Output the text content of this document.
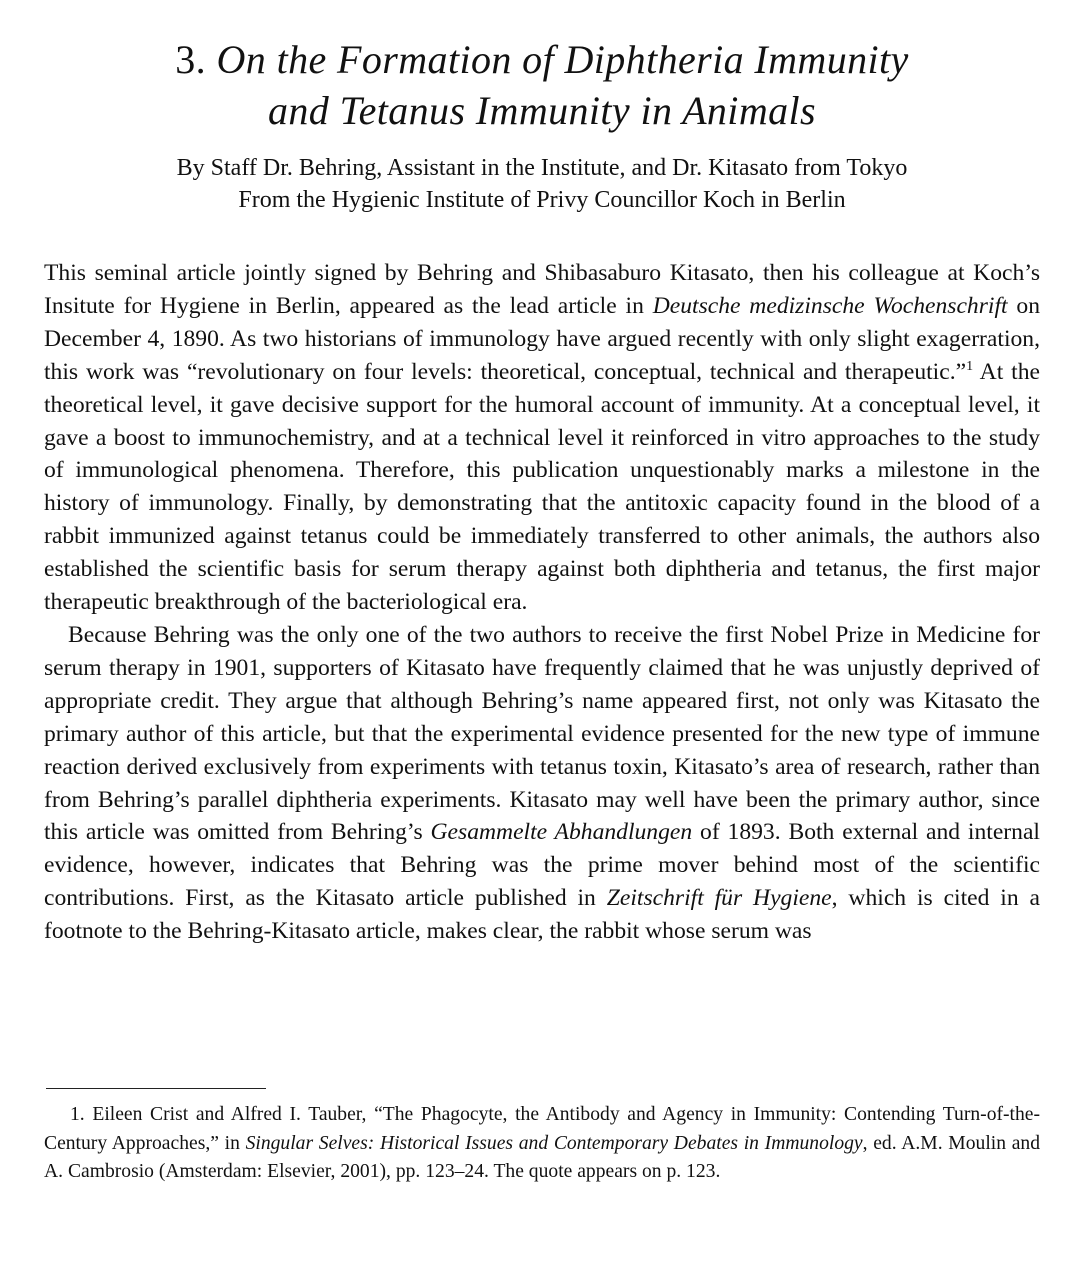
3. On the Formation of Diphtheria Immunity
and Tetanus Immunity in Animals
By Staff Dr. Behring, Assistant in the Institute, and Dr. Kitasato from Tokyo
From the Hygienic Institute of Privy Councillor Koch in Berlin

This seminal article jointly signed by Behring and Shibasaburo Kitasato, then his colleague at Koch’s Insitute for Hygiene in Berlin, appeared as the lead article in Deutsche medizinsche Wochenschrift on December 4, 1890. As two historians of immunology have argued recently with only slight exagerration, this work was “revolutionary on four levels: theoretical, conceptual, technical and therapeutic.”$^1$ At the theoretical level, it gave decisive support for the humoral account of immunity. At a conceptual level, it gave a boost to immunochemistry, and at a technical level it reinforced in vitro approaches to the study of immunological phenomena. Therefore, this publication unquestionably marks a milestone in the history of immunology. Finally, by demonstrating that the antitoxic capacity found in the blood of a rabbit immunized against tetanus could be immediately transferred to other animals, the authors also established the scientific basis for serum therapy against both diphtheria and tetanus, the first major therapeutic breakthrough of the bacteriological era.

Because Behring was the only one of the two authors to receive the first Nobel Prize in Medicine for serum therapy in 1901, supporters of Kitasato have frequently claimed that he was unjustly deprived of appropriate credit. They argue that although Behring’s name appeared first, not only was Kitasato the primary author of this article, but that the experimental evidence presented for the new type of immune reaction derived exclusively from experiments with tetanus toxin, Kitasato’s area of research, rather than from Behring’s parallel diphtheria experiments. Kitasato may well have been the primary author, since this article was omitted from Behring’s Gesammelte Abhandlungen of 1893. Both external and internal evidence, however, indicates that Behring was the prime mover behind most of the scientific contributions. First, as the Kitasato article published in Zeitschrift für Hygiene, which is cited in a footnote to the Behring-Kitasato article, makes clear, the rabbit whose serum was

1. Eileen Crist and Alfred I. Tauber, “The Phagocyte, the Antibody and Agency in Immunity: Contending Turn-of-the-Century Approaches,” in Singular Selves: Historical Issues and Contemporary Debates in Immunology, ed. A.M. Moulin and A. Cambrosio (Amsterdam: Elsevier, 2001), pp. 123–24. The quote appears on p. 123.
